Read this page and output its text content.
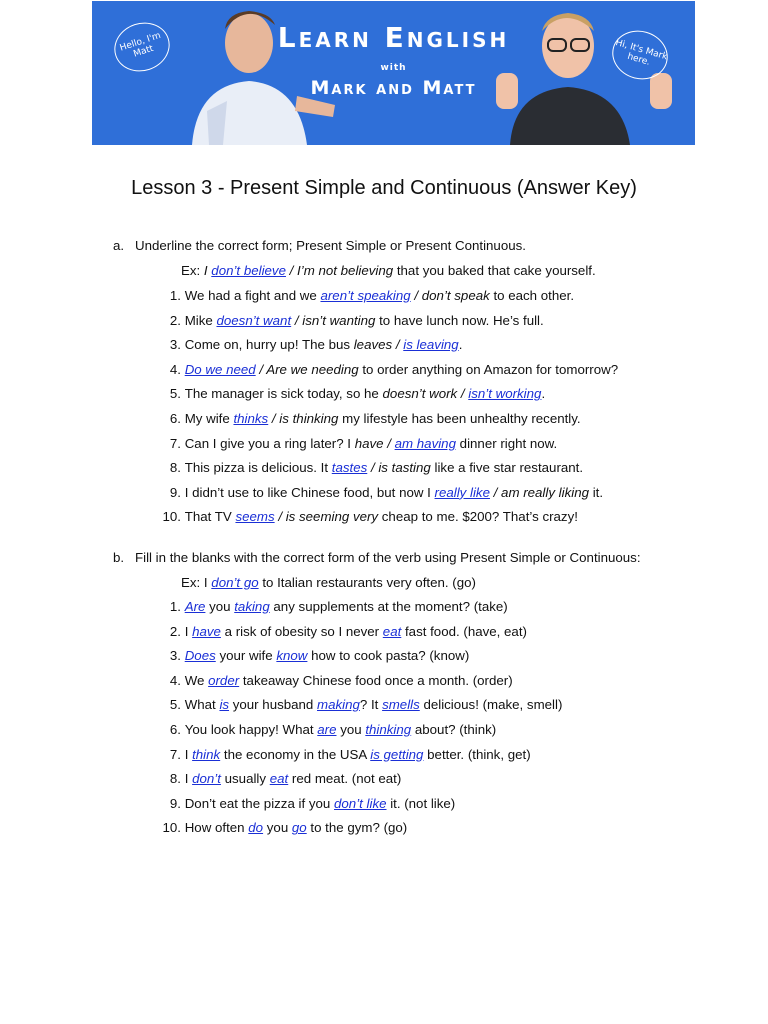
Hello, I'm Matt	Hi, It's Mark here.
Learn English
with
Mark and Matt
Lesson 3 - Present Simple and Continuous (Answer Key)
a. Underline the correct form; Present Simple or Present Continuous.
Ex: I don’t believe / I’m not believing that you baked that cake yourself.
1. We had a fight and we aren’t speaking / don’t speak to each other.
2. Mike doesn’t want / isn’t wanting to have lunch now. He’s full.
3. Come on, hurry up! The bus leaves / is leaving.
4. Do we need / Are we needing to order anything on Amazon for tomorrow?
5. The manager is sick today, so he doesn’t work / isn’t working.
6. My wife thinks / is thinking my lifestyle has been unhealthy recently.
7. Can I give you a ring later? I have / am having dinner right now.
8. This pizza is delicious. It tastes / is tasting like a five star restaurant.
9. I didn’t use to like Chinese food, but now I really like / am really liking it.
10. That TV seems / is seeming very cheap to me. $200? That’s crazy!
b. Fill in the blanks with the correct form of the verb using Present Simple or Continuous:
Ex: I don’t go to Italian restaurants very often. (go)
1. Are you taking any supplements at the moment? (take)
2. I have a risk of obesity so I never eat fast food. (have, eat)
3. Does your wife know how to cook pasta? (know)
4. We order takeaway Chinese food once a month. (order)
5. What is your husband making? It smells delicious! (make, smell)
6. You look happy! What are you thinking about? (think)
7. I think the economy in the USA is getting better. (think, get)
8. I don’t usually eat red meat. (not eat)
9. Don’t eat the pizza if you don’t like it. (not like)
10. How often do you go to the gym? (go)
